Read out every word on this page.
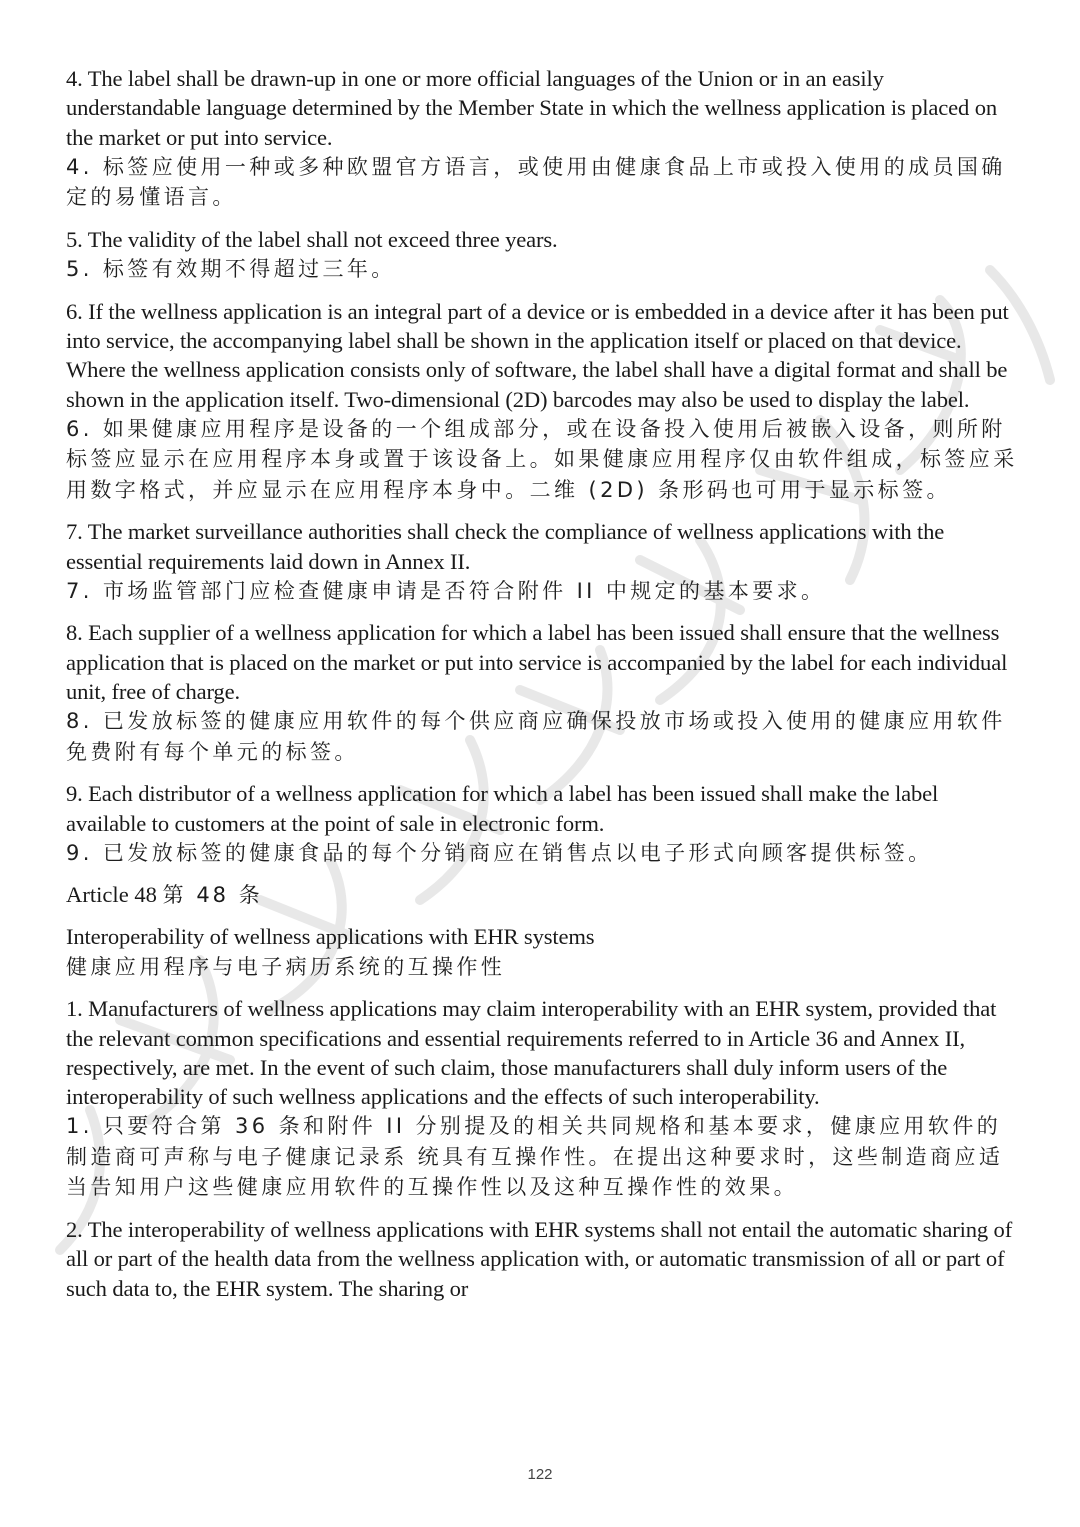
4. The label shall be drawn-up in one or more official languages of the Union or in an easily understandable language determined by the Member State in which the wellness application is placed on the market or put into service.

4. 标签应使用一种或多种欧盟官方语言，或使用由健康食品上市或投入使用的成员国确定的易懂语言。

5. The validity of the label shall not exceed three years.

5. 标签有效期不得超过三年。

6. If the wellness application is an integral part of a device or is embedded in a device after it has been put into service, the accompanying label shall be shown in the application itself or placed on that device. Where the wellness application consists only of software, the label shall have a digital format and shall be shown in the application itself. Two-dimensional (2D) barcodes may also be used to display the label.

6. 如果健康应用程序是设备的一个组成部分，或在设备投入使用后被嵌入设备，则所附标签应显示在应用程序本身或置于该设备上。如果健康应用程序仅由软件组成，标签应采用数字格式，并应显示在应用程序本身中。二维 (2D) 条形码也可用于显示标签。

7. The market surveillance authorities shall check the compliance of wellness applications with the essential requirements laid down in Annex II.

7. 市场监管部门应检查健康申请是否符合附件 II 中规定的基本要求。

8. Each supplier of a wellness application for which a label has been issued shall ensure that the wellness application that is placed on the market or put into service is accompanied by the label for each individual unit, free of charge.

8. 已发放标签的健康应用软件的每个供应商应确保投放市场或投入使用的健康应用软件免费附有每个单元的标签。

9. Each distributor of a wellness application for which a label has been issued shall make the label available to customers at the point of sale in electronic form.

9. 已发放标签的健康食品的每个分销商应在销售点以电子形式向顾客提供标签。

Article 48 第 48 条

Interoperability of wellness applications with EHR systems

健康应用程序与电子病历系统的互操作性

1. Manufacturers of wellness applications may claim interoperability with an EHR system, provided that the relevant common specifications and essential requirements referred to in Article 36 and Annex II, respectively, are met. In the event of such claim, those manufacturers shall duly inform users of the interoperability of such wellness applications and the effects of such interoperability.

1. 只要符合第 36 条和附件 II 分别提及的相关共同规格和基本要求，健康应用软件的制造商可声称与电子健康记录系 统具有互操作性。在提出这种要求时，这些制造商应适当告知用户这些健康应用软件的互操作性以及这种互操作性的效果。

2. The interoperability of wellness applications with EHR systems shall not entail the automatic sharing of all or part of the health data from the wellness application with, or automatic transmission of all or part of such data to, the EHR system. The sharing or

122
